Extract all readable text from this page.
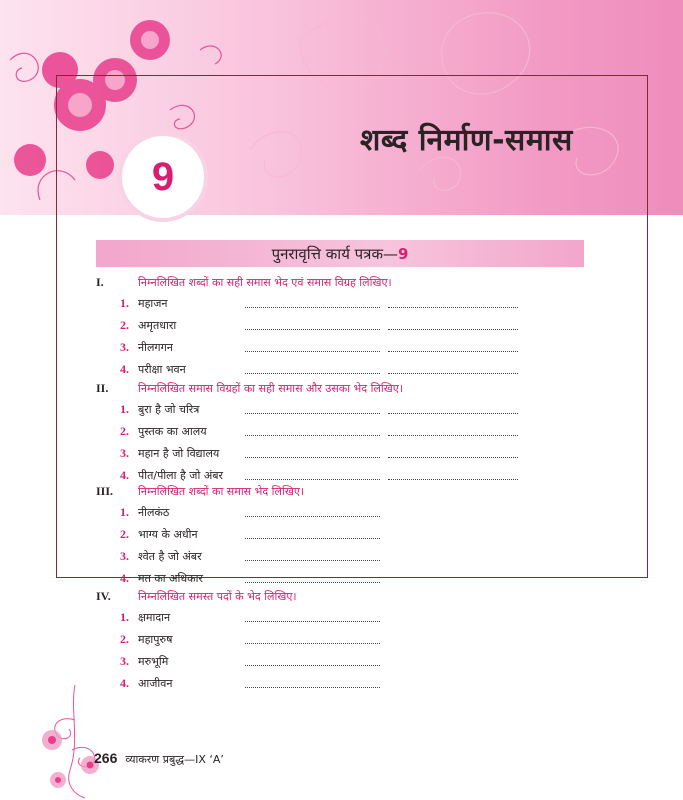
शब्द निर्माण-समास
9
पुनरावृत्ति कार्य पत्रक—9
I.	निम्नलिखित शब्दों का सही समास भेद एवं समास विग्रह लिखिए।
1. महाजन
2. अमृतधारा
3. नीलगगन
4. परीक्षा भवन
II.	निम्नलिखित समास विग्रहों का सही समास और उसका भेद लिखिए।
1. बुरा है जो चरित्र
2. पुस्तक का आलय
3. महान है जो विद्यालय
4. पीत/पीला है जो अंबर
III.	निम्नलिखित शब्दों का समास भेद लिखिए।
1. नीलकंठ
2. भाग्य के अधीन
3. श्वेत है जो अंबर
4. मत का अधिकार
IV.	निम्नलिखित समस्त पदों के भेद लिखिए।
1. क्षमादान
2. महापुरुष
3. मरुभूमि
4. आजीवन
266 व्याकरण प्रबुद्ध—IX ‘A’
